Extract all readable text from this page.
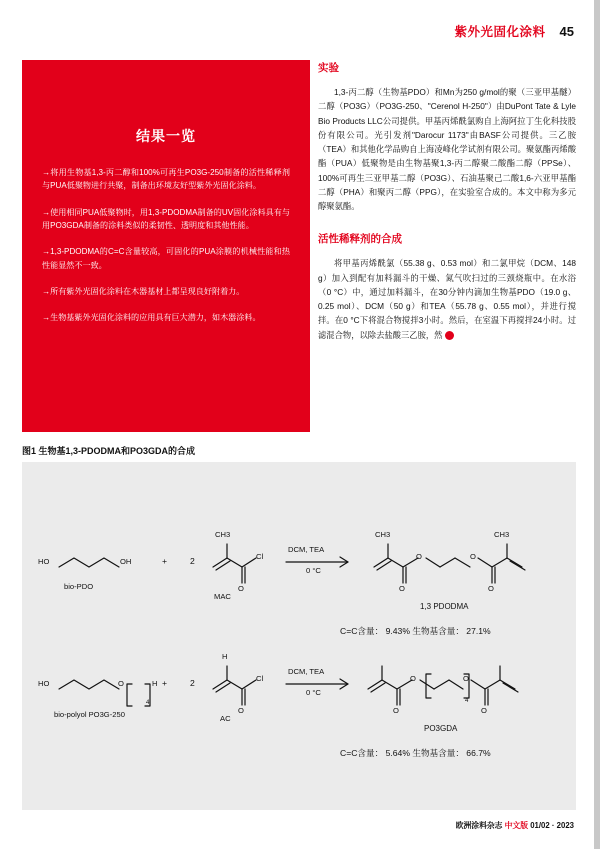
紫外光固化涂料 45
结果一览

→将用生物基1,3-丙二醇和100%可再生PO3G-250制备的活性稀释剂与PUA低聚物进行共聚，制备出环境友好型紫外光固化涂料。

→使用相同PUA低聚物时，用1,3-PDODMA制备的UV固化涂料具有与用PO3GDA制备的涂料类似的柔韧性、透明度和其他性能。

→1,3-PDODMA的C=C含量较高，可固化的PUA涂膜的机械性能和热性能显然不一致。

→所有紫外光固化涂料在木器基材上都呈现良好附着力。

→生物基紫外光固化涂料的应用具有巨大潜力，如木器涂料。

实验

1,3-丙二醇（生物基PDO）和Mn为250 g/mol的聚（三亚甲基醚）二醇（PO3G）（PO3G-250、"Cerenol H-250"）由DuPont Tate & Lyle Bio Products LLC公司提供。甲基丙烯酰氯购自上海阿拉丁生化科技股份有限公司。光引发剂"Darocur 1173"由BASF公司提供。三乙胺（TEA）和其他化学品购自上海凌峰化学试剂有限公司。聚氨酯丙烯酸酯（PUA）低聚物是由生物基聚1,3-丙二醇聚二酸酯二醇（PPSe）、100%可再生三亚甲基二醇（PO3G）、石油基聚己二酸1,6-六亚甲基酯二醇（PHA）和聚丙二醇（PPG），在实验室合成的。本文中称为多元醇聚氨酯。

活性稀释剂的合成

将甲基丙烯酰氯（55.38 g、0.53 mol）和二氯甲烷（DCM、148 g）加入到配有加料漏斗的干燥、氮气吹扫过的三颈烧瓶中。在水浴（0 °C）中，通过加料漏斗，在30分钟内滴加生物基PDO（19.0 g、0.25 mol）、DCM（50 g）和TEA（55.78 g、0.55 mol），并进行搅拌。在0 °C下将混合物搅拌3小时。然后，在室温下再搅拌24小时。过滤混合物，以除去盐酸三乙胺，然	➤

图1 生物基1,3-PDODMA和PO3GDA的合成
HO	OH
bio-PDO
+	2
CH3
Cl
O
MAC
DCM, TEA
0 °C
CH3
O
O
O
O
CH3
1,3 PDODMA
C=C含量： 9.43% 生物基含量： 27.1%
HO	O	H
4
bio-polyol PO3G-250
+	2
H
Cl
O
AC
DCM, TEA
0 °C
O
O
O
O
4
PO3GDA
C=C含量： 5.64% 生物基含量： 66.7%
欧洲涂料杂志 中文版 01/02 · 2023
